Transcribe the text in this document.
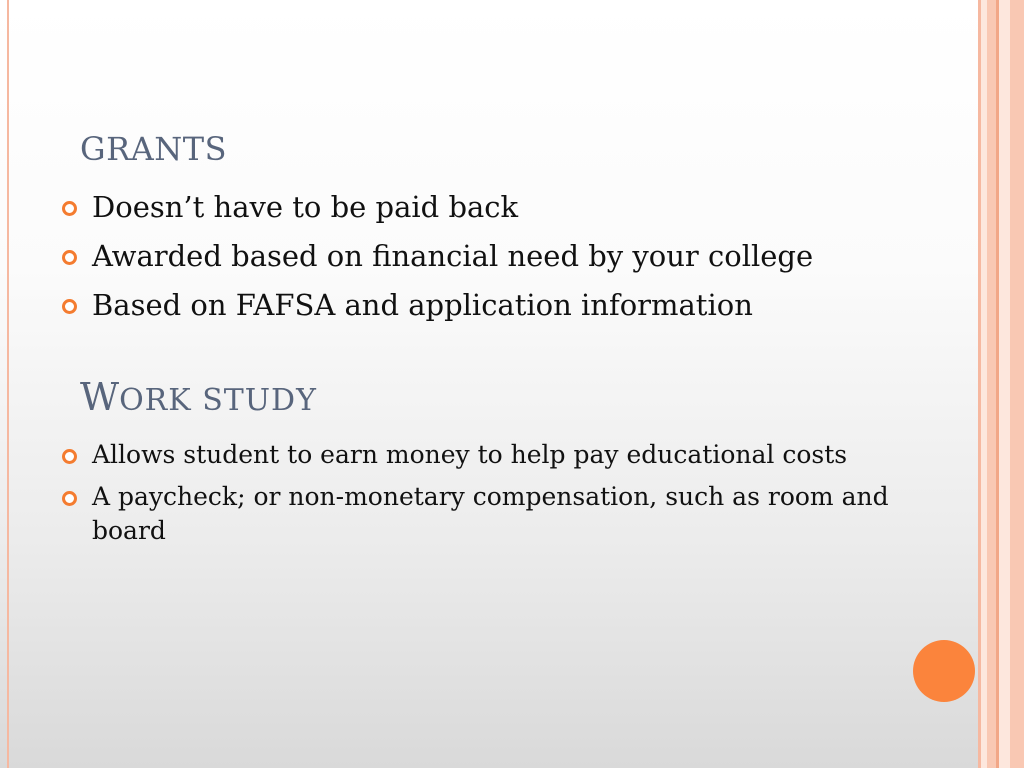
GRANTS
Doesn’t have to be paid back
Awarded based on financial need by your college
Based on FAFSA and application information
WORK STUDY
Allows student to earn money to help pay educational costs
A paycheck; or non-monetary compensation, such as room and board
